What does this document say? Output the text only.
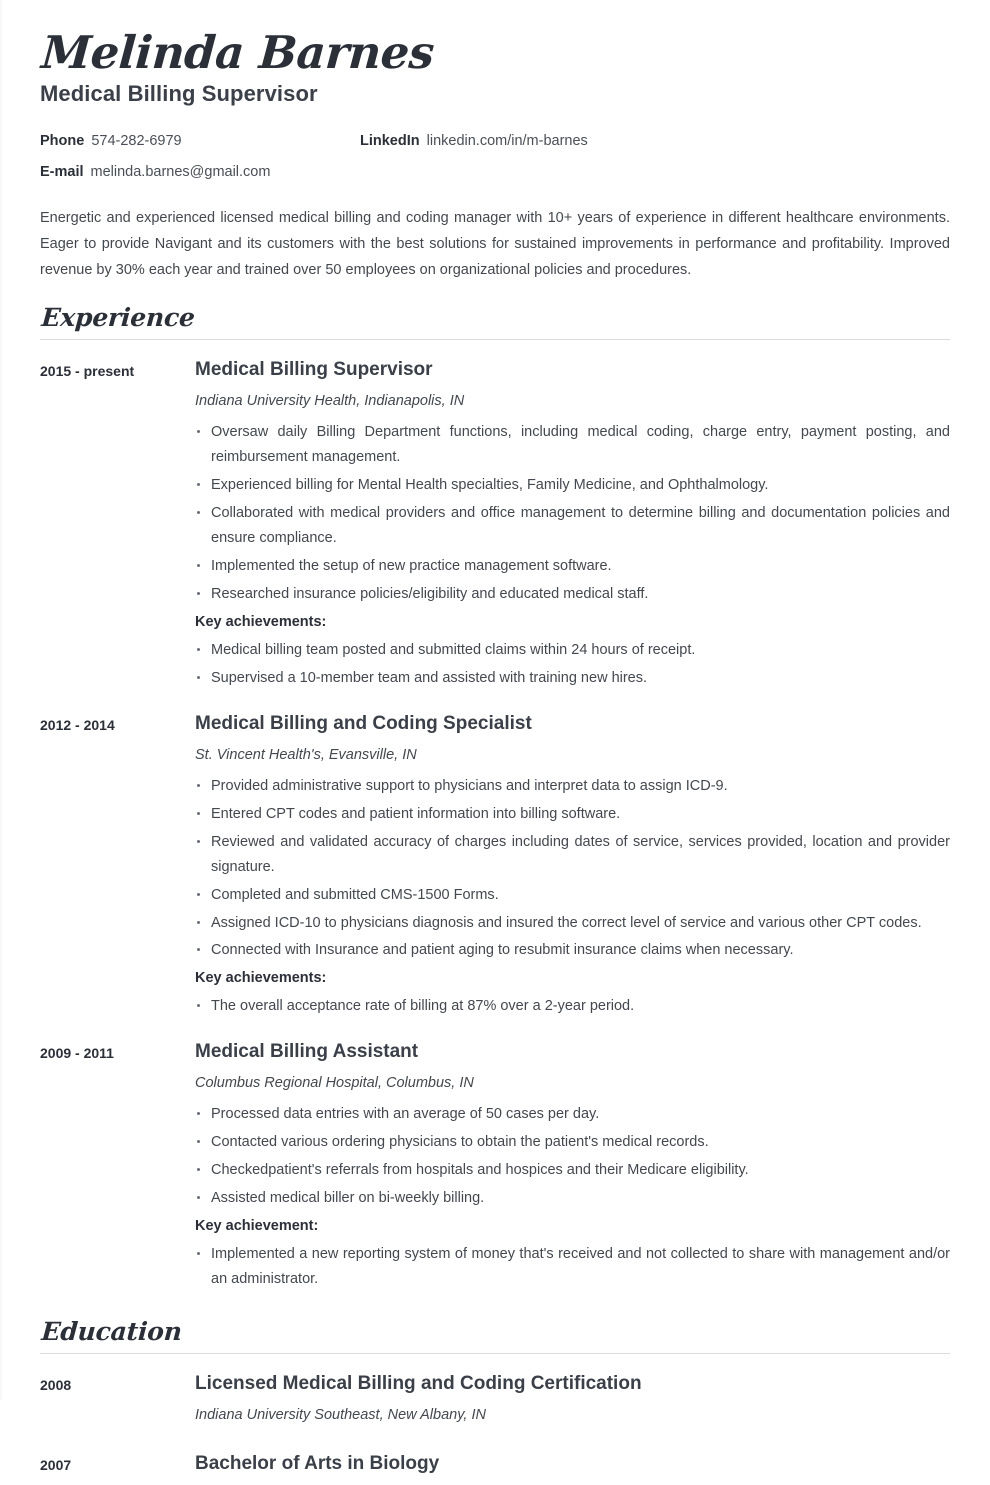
Melinda Barnes
Medical Billing Supervisor
Phone 574-282-6979	LinkedIn linkedin.com/in/m-barnes
E-mail melinda.barnes@gmail.com

Energetic and experienced licensed medical billing and coding manager with 10+ years of experience in different healthcare environments. Eager to provide Navigant and its customers with the best solutions for sustained improvements in performance and profitability. Improved revenue by 30% each year and trained over 50 employees on organizational policies and procedures.

Experience
2015 - present	Medical Billing Supervisor
Indiana University Health, Indianapolis, IN
Oversaw daily Billing Department functions, including medical coding, charge entry, payment posting, and reimbursement management.
Experienced billing for Mental Health specialties, Family Medicine, and Ophthalmology.
Collaborated with medical providers and office management to determine billing and documentation policies and ensure compliance.
Implemented the setup of new practice management software.
Researched insurance policies/eligibility and educated medical staff.
Key achievements:
Medical billing team posted and submitted claims within 24 hours of receipt.
Supervised a 10-member team and assisted with training new hires.
2012 - 2014	Medical Billing and Coding Specialist
St. Vincent Health's, Evansville, IN
Provided administrative support to physicians and interpret data to assign ICD-9.
Entered CPT codes and patient information into billing software.
Reviewed and validated accuracy of charges including dates of service, services provided, location and provider signature.
Completed and submitted CMS-1500 Forms.
Assigned ICD-10 to physicians diagnosis and insured the correct level of service and various other CPT codes.
Connected with Insurance and patient aging to resubmit insurance claims when necessary.
Key achievements:
The overall acceptance rate of billing at 87% over a 2-year period.
2009 - 2011	Medical Billing Assistant
Columbus Regional Hospital, Columbus, IN
Processed data entries with an average of 50 cases per day.
Contacted various ordering physicians to obtain the patient's medical records.
Checkedpatient's referrals from hospitals and hospices and their Medicare eligibility.
Assisted medical biller on bi-weekly billing.
Key achievement:
Implemented a new reporting system of money that's received and not collected to share with management and/or an administrator.
Education
2008	Licensed Medical Billing and Coding Certification
Indiana University Southeast, New Albany, IN
2007	Bachelor of Arts in Biology
